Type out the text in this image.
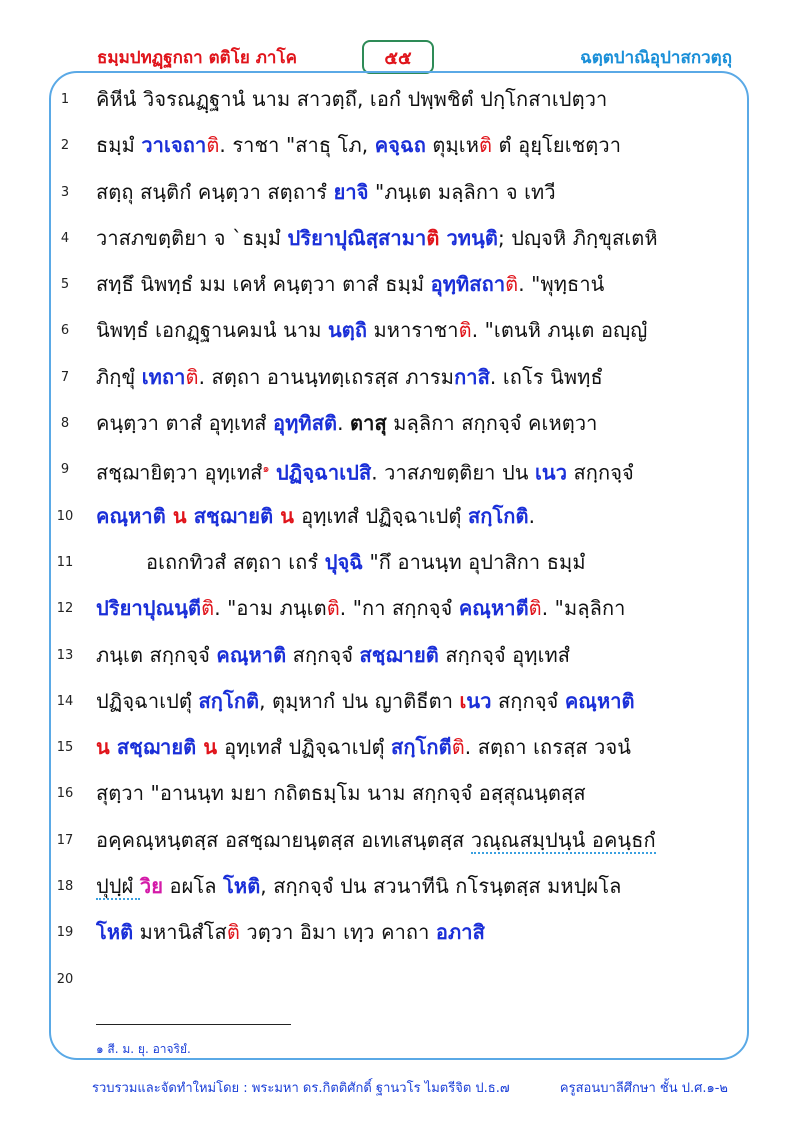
ธมฺมปทฏฺฐกถา ตติโย ภาโค	๕๕	ฉตฺตปาณิอุปาสกวตฺถุ
1	คิหีนํ วิจรณฏฺฐานํ นาม สาวตฺถึ, เอกํ ปพฺพชิตํ ปกฺโกสาเปตฺวา
2	ธมฺมํ วาเจถาติ. ราชา "สาธุ โภ, คจฺฉถ ตุมฺเหติ ตํ อุยฺโยเชตฺวา
3	สตฺถุ สนฺติกํ คนฺตฺวา สตฺถารํ ยาจิ "ภนฺเต มลฺลิกา จ เทวี
4	วาสภขตฺติยา จ `ธมฺมํ ปริยาปุณิสฺสามาติ วทนฺติ; ปญฺจหิ ภิกฺขุสเตหิ
5	สทฺธึ นิพทฺธํ มม เคหํ คนฺตฺวา ตาสํ ธมฺมํ อุทฺทิสถาติ. "พุทฺธานํ
6	นิพทฺธํ เอกฏฺฐานคมนํ นาม นตฺถิ มหาราชาติ. "เตนหิ ภนฺเต อญฺญํ
7	ภิกฺขุํ เทถาติ. สตฺถา อานนฺทตฺเถรสฺส ภารมกาสิ. เถโร นิพทฺธํ
8	คนฺตฺวา ตาสํ อุทฺเทสํ อุทฺทิสติ. ตาสุ มลฺลิกา สกฺกจฺจํ คเหตฺวา
9	สชฺฌายิตฺวา อุทฺเทสํ$^๑$ ปฏิจฺฉาเปสิ. วาสภขตฺติยา ปน เนว สกฺกจฺจํ
10	คณฺหาติ น สชฺฌายติ น อุทฺเทสํ ปฏิจฺฉาเปตุํ สกฺโกติ.
11	อเถกทิวสํ สตฺถา เถรํ ปุจฺฉิ "กึ อานนฺท อุปาสิกา ธมฺมํ
12	ปริยาปุณนฺตีติ. "อาม ภนฺเตติ. "กา สกฺกจฺจํ คณฺหาตีติ. "มลฺลิกา
13	ภนฺเต สกฺกจฺจํ คณฺหาติ สกฺกจฺจํ สชฺฌายติ สกฺกจฺจํ อุทฺเทสํ
14	ปฏิจฺฉาเปตุํ สกฺโกติ, ตุมฺหากํ ปน ญาติธีตา เนว สกฺกจฺจํ คณฺหาติ
15	น สชฺฌายติ น อุทฺเทสํ ปฏิจฺฉาเปตุํ สกฺโกตีติ. สตฺถา เถรสฺส วจนํ
16	สุตฺวา "อานนฺท มยา กถิตธมฺโม นาม สกฺกจฺจํ อสฺสุณนฺตสฺส
17	อคฺคณฺหนฺตสฺส อสชฺฌายนฺตสฺส อเทเสนฺตสฺส วณฺณสมฺปนฺนํ อคนฺธกํ
18	ปุปฺผํ วิย อผโล โหติ, สกฺกจฺจํ ปน สวนาทีนิ กโรนฺตสฺส มหปฺผโล
19	โหติ มหานิสํโสติ วตฺวา อิมา เทฺว คาถา อภาสิ
20
๑ สี. ม. ยุ. อาจริยํ.
รวบรวมและจัดทำใหม่โดย : พระมหา ดร.กิตติศักดิ์ ฐานวโร ไมตรีจิต ป.ธ.๗	ครูสอนบาลีศึกษา ชั้น ป.ศ.๑-๒
